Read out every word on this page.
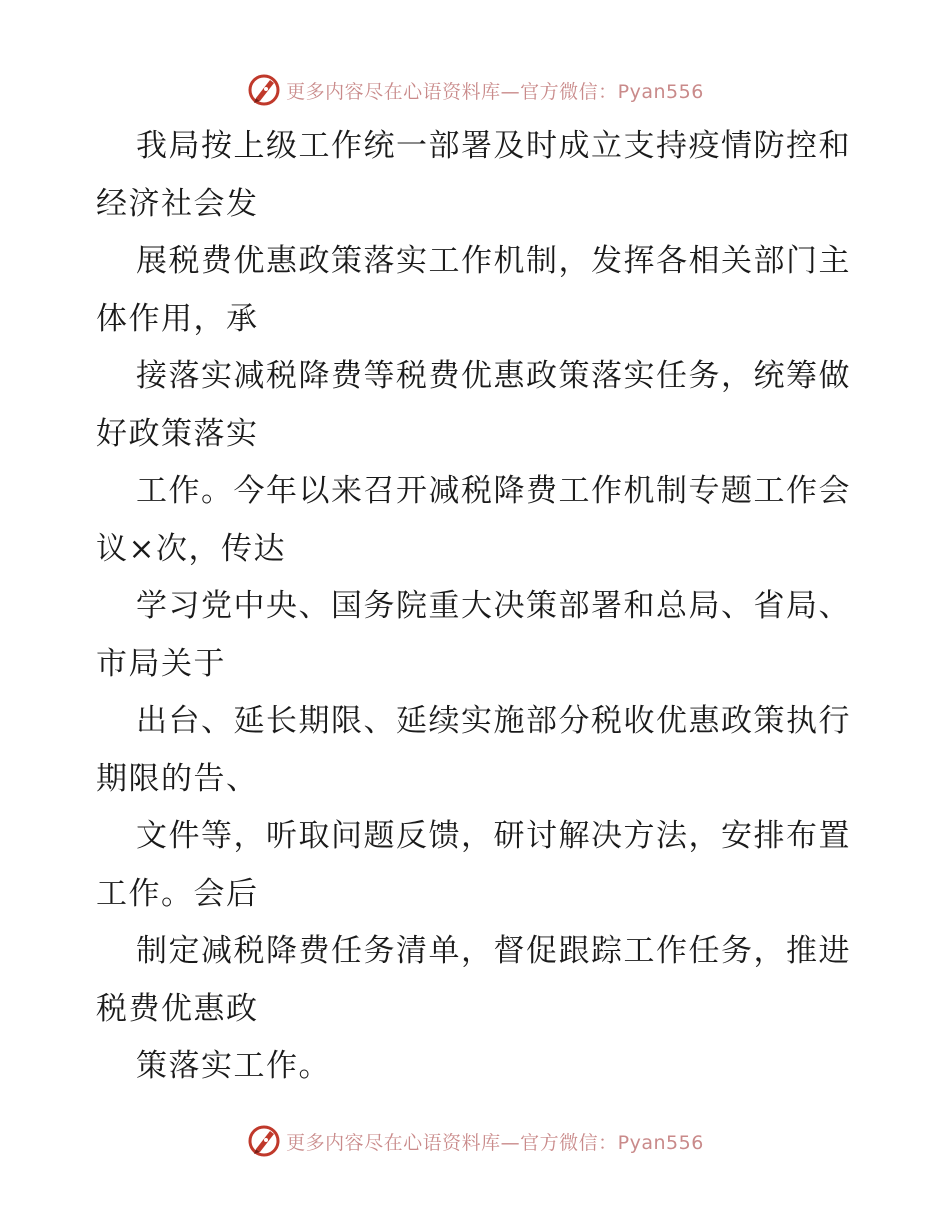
更多内容尽在心语资料库—官方微信：Pyan556

我局按上级工作统一部署及时成立支持疫情防控和经济社会发

展税费优惠政策落实工作机制，发挥各相关部门主体作用，承

接落实减税降费等税费优惠政策落实任务，统筹做好政策落实

工作。今年以来召开减税降费工作机制专题工作会议×次，传达

学习党中央、国务院重大决策部署和总局、省局、市局关于

出台、延长期限、延续实施部分税收优惠政策执行期限的告、

文件等，听取问题反馈，研讨解决方法，安排布置工作。会后

制定减税降费任务清单，督促跟踪工作任务，推进税费优惠政

策落实工作。

更多内容尽在心语资料库—官方微信：Pyan556
